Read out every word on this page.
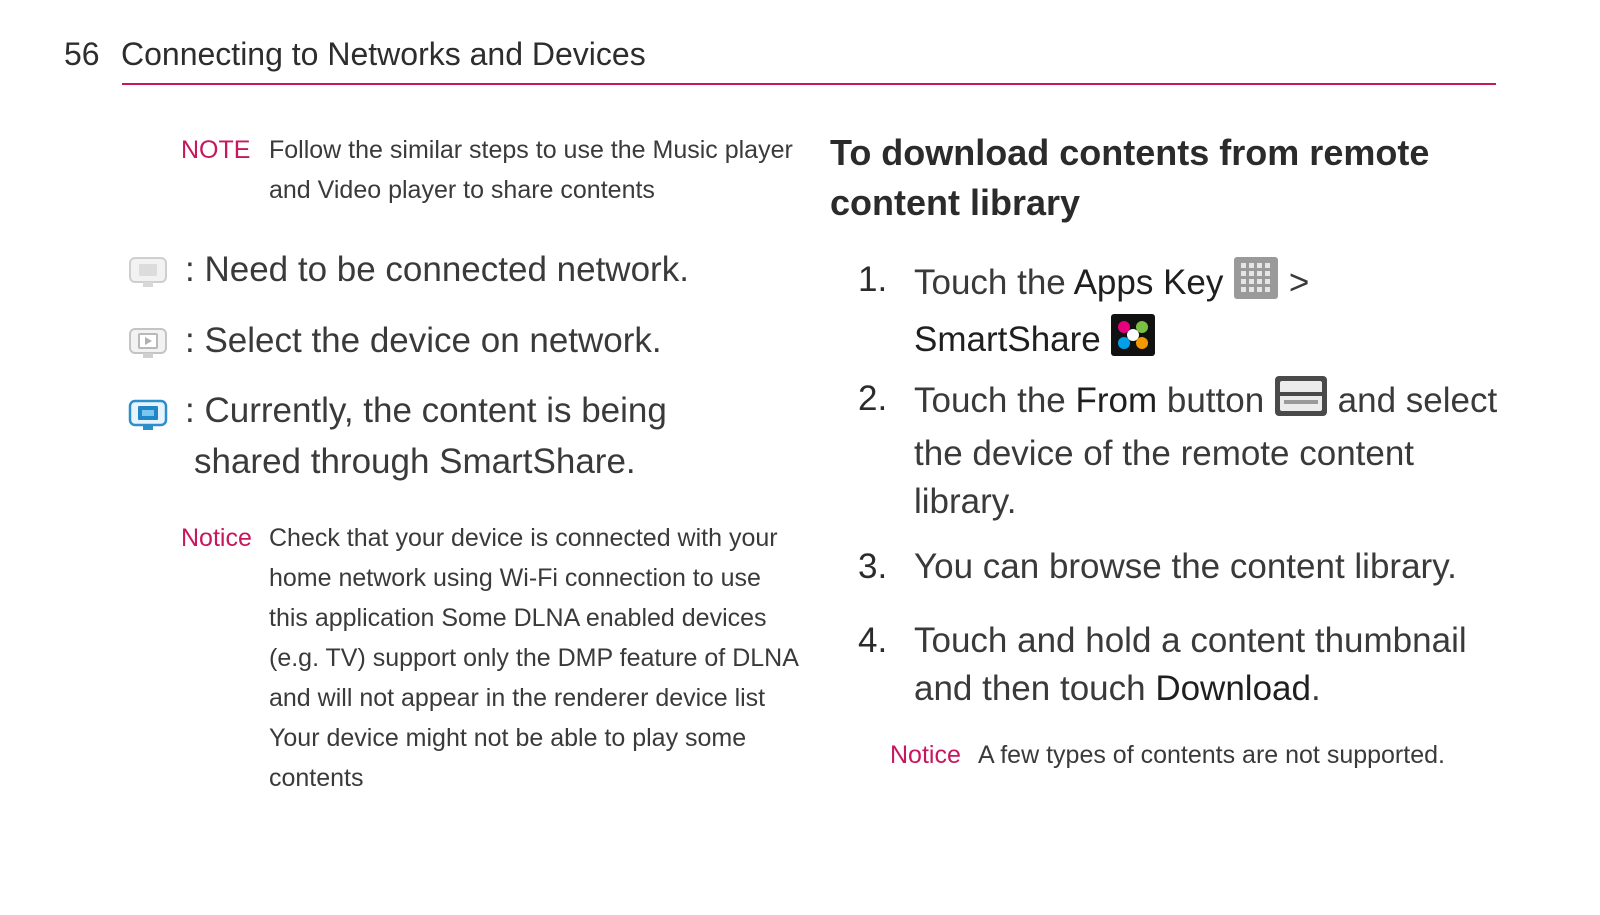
56 Connecting to Networks and Devices
NOTE Follow the similar steps to use the Music player and Video player to share contents
: Need to be connected network.
: Select the device on network.
: Currently, the content is being
shared through SmartShare.
Notice Check that your device is connected with your home network using Wi-Fi connection to use this application Some DLNA enabled devices (e.g. TV) support only the DMP feature of DLNA and will not appear in the renderer device list Your device might not be able to play some contents
To download contents from remote content library
1. Touch the Apps Key  >
SmartShare
2. Touch the From button  and select the device of the remote content library.
3. You can browse the content library.
4. Touch and hold a content thumbnail and then touch Download.
Notice A few types of contents are not supported.
